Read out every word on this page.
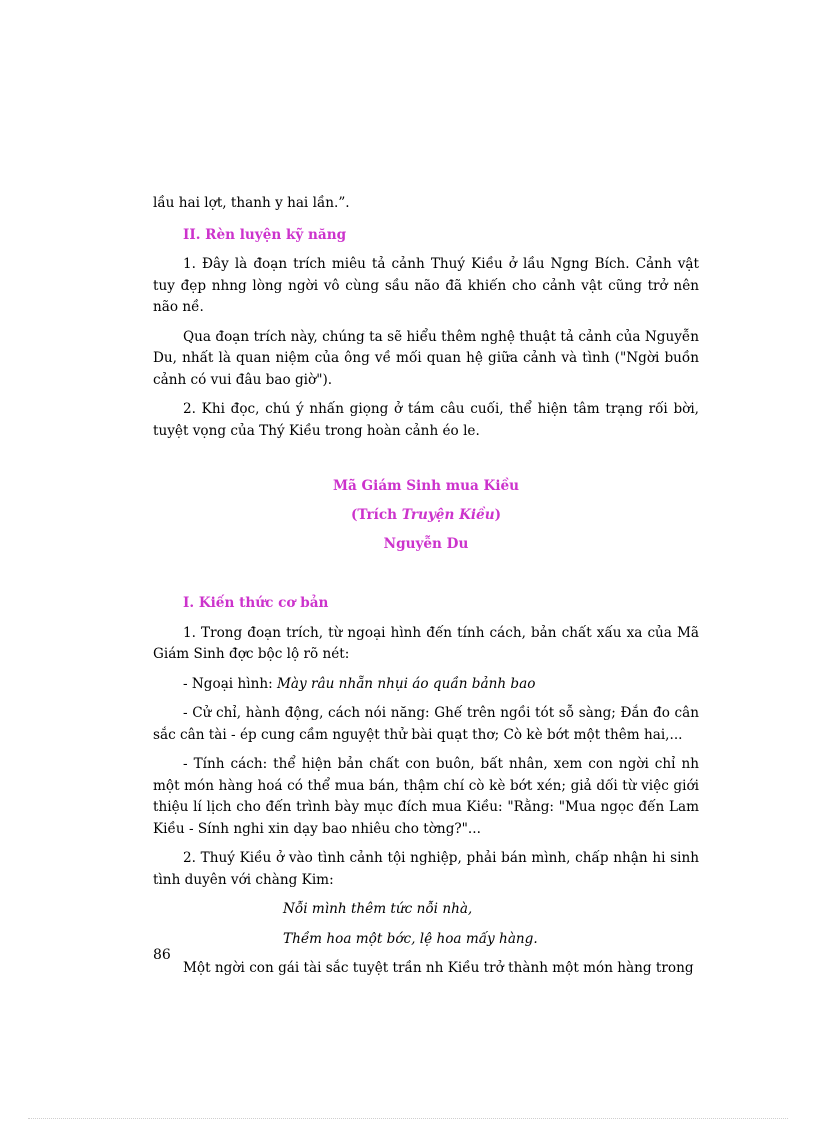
lầu hai lợt, thanh y hai lần.”.

II. Rèn luyện kỹ năng

1. Đây là đoạn trích miêu tả cảnh Thuý Kiều ở lầu Ngng Bích. Cảnh vật tuy đẹp nhng lòng ngời vô cùng sầu não đã khiến cho cảnh vật cũng trở nên não nề.

Qua đoạn trích này, chúng ta sẽ hiểu thêm nghệ thuật tả cảnh của Nguyễn Du, nhất là quan niệm của ông về mối quan hệ giữa cảnh và tình ("Ngời buồn cảnh có vui đâu bao giờ").

2. Khi đọc, chú ý nhấn giọng ở tám câu cuối, thể hiện tâm trạng rối bời, tuyệt vọng của Thý Kiều trong hoàn cảnh éo le.

Mã Giám Sinh mua Kiều
(Trích Truyện Kiều)
Nguyễn Du

I. Kiến thức cơ bản

1. Trong đoạn trích, từ ngoại hình đến tính cách, bản chất xấu xa của Mã Giám Sinh đợc bộc lộ rõ nét:

- Ngoại hình: Mày râu nhẵn nhụi áo quần bảnh bao

- Cử chỉ, hành động, cách nói năng: Ghế trên ngồi tót sỗ sàng; Đắn đo cân sắc cân tài - ép cung cầm nguyệt thử bài quạt thơ; Cò kè bớt một thêm hai,...

- Tính cách: thể hiện bản chất con buôn, bất nhân, xem con ngời chỉ nh một món hàng hoá có thể mua bán, thậm chí cò kè bớt xén; giả dối từ việc giới thiệu lí lịch cho đến trình bày mục đích mua Kiều: "Rằng: "Mua ngọc đến Lam Kiều - Sính nghi xin dạy bao nhiêu cho tờng?"...

2. Thuý Kiều ở vào tình cảnh tội nghiệp, phải bán mình, chấp nhận hi sinh tình duyên với chàng Kim:

Nỗi mình thêm tức nỗi nhà,
Thềm hoa một bớc, lệ hoa mấy hàng.

Một ngời con gái tài sắc tuyệt trần nh Kiều trở thành một món hàng trong

86
